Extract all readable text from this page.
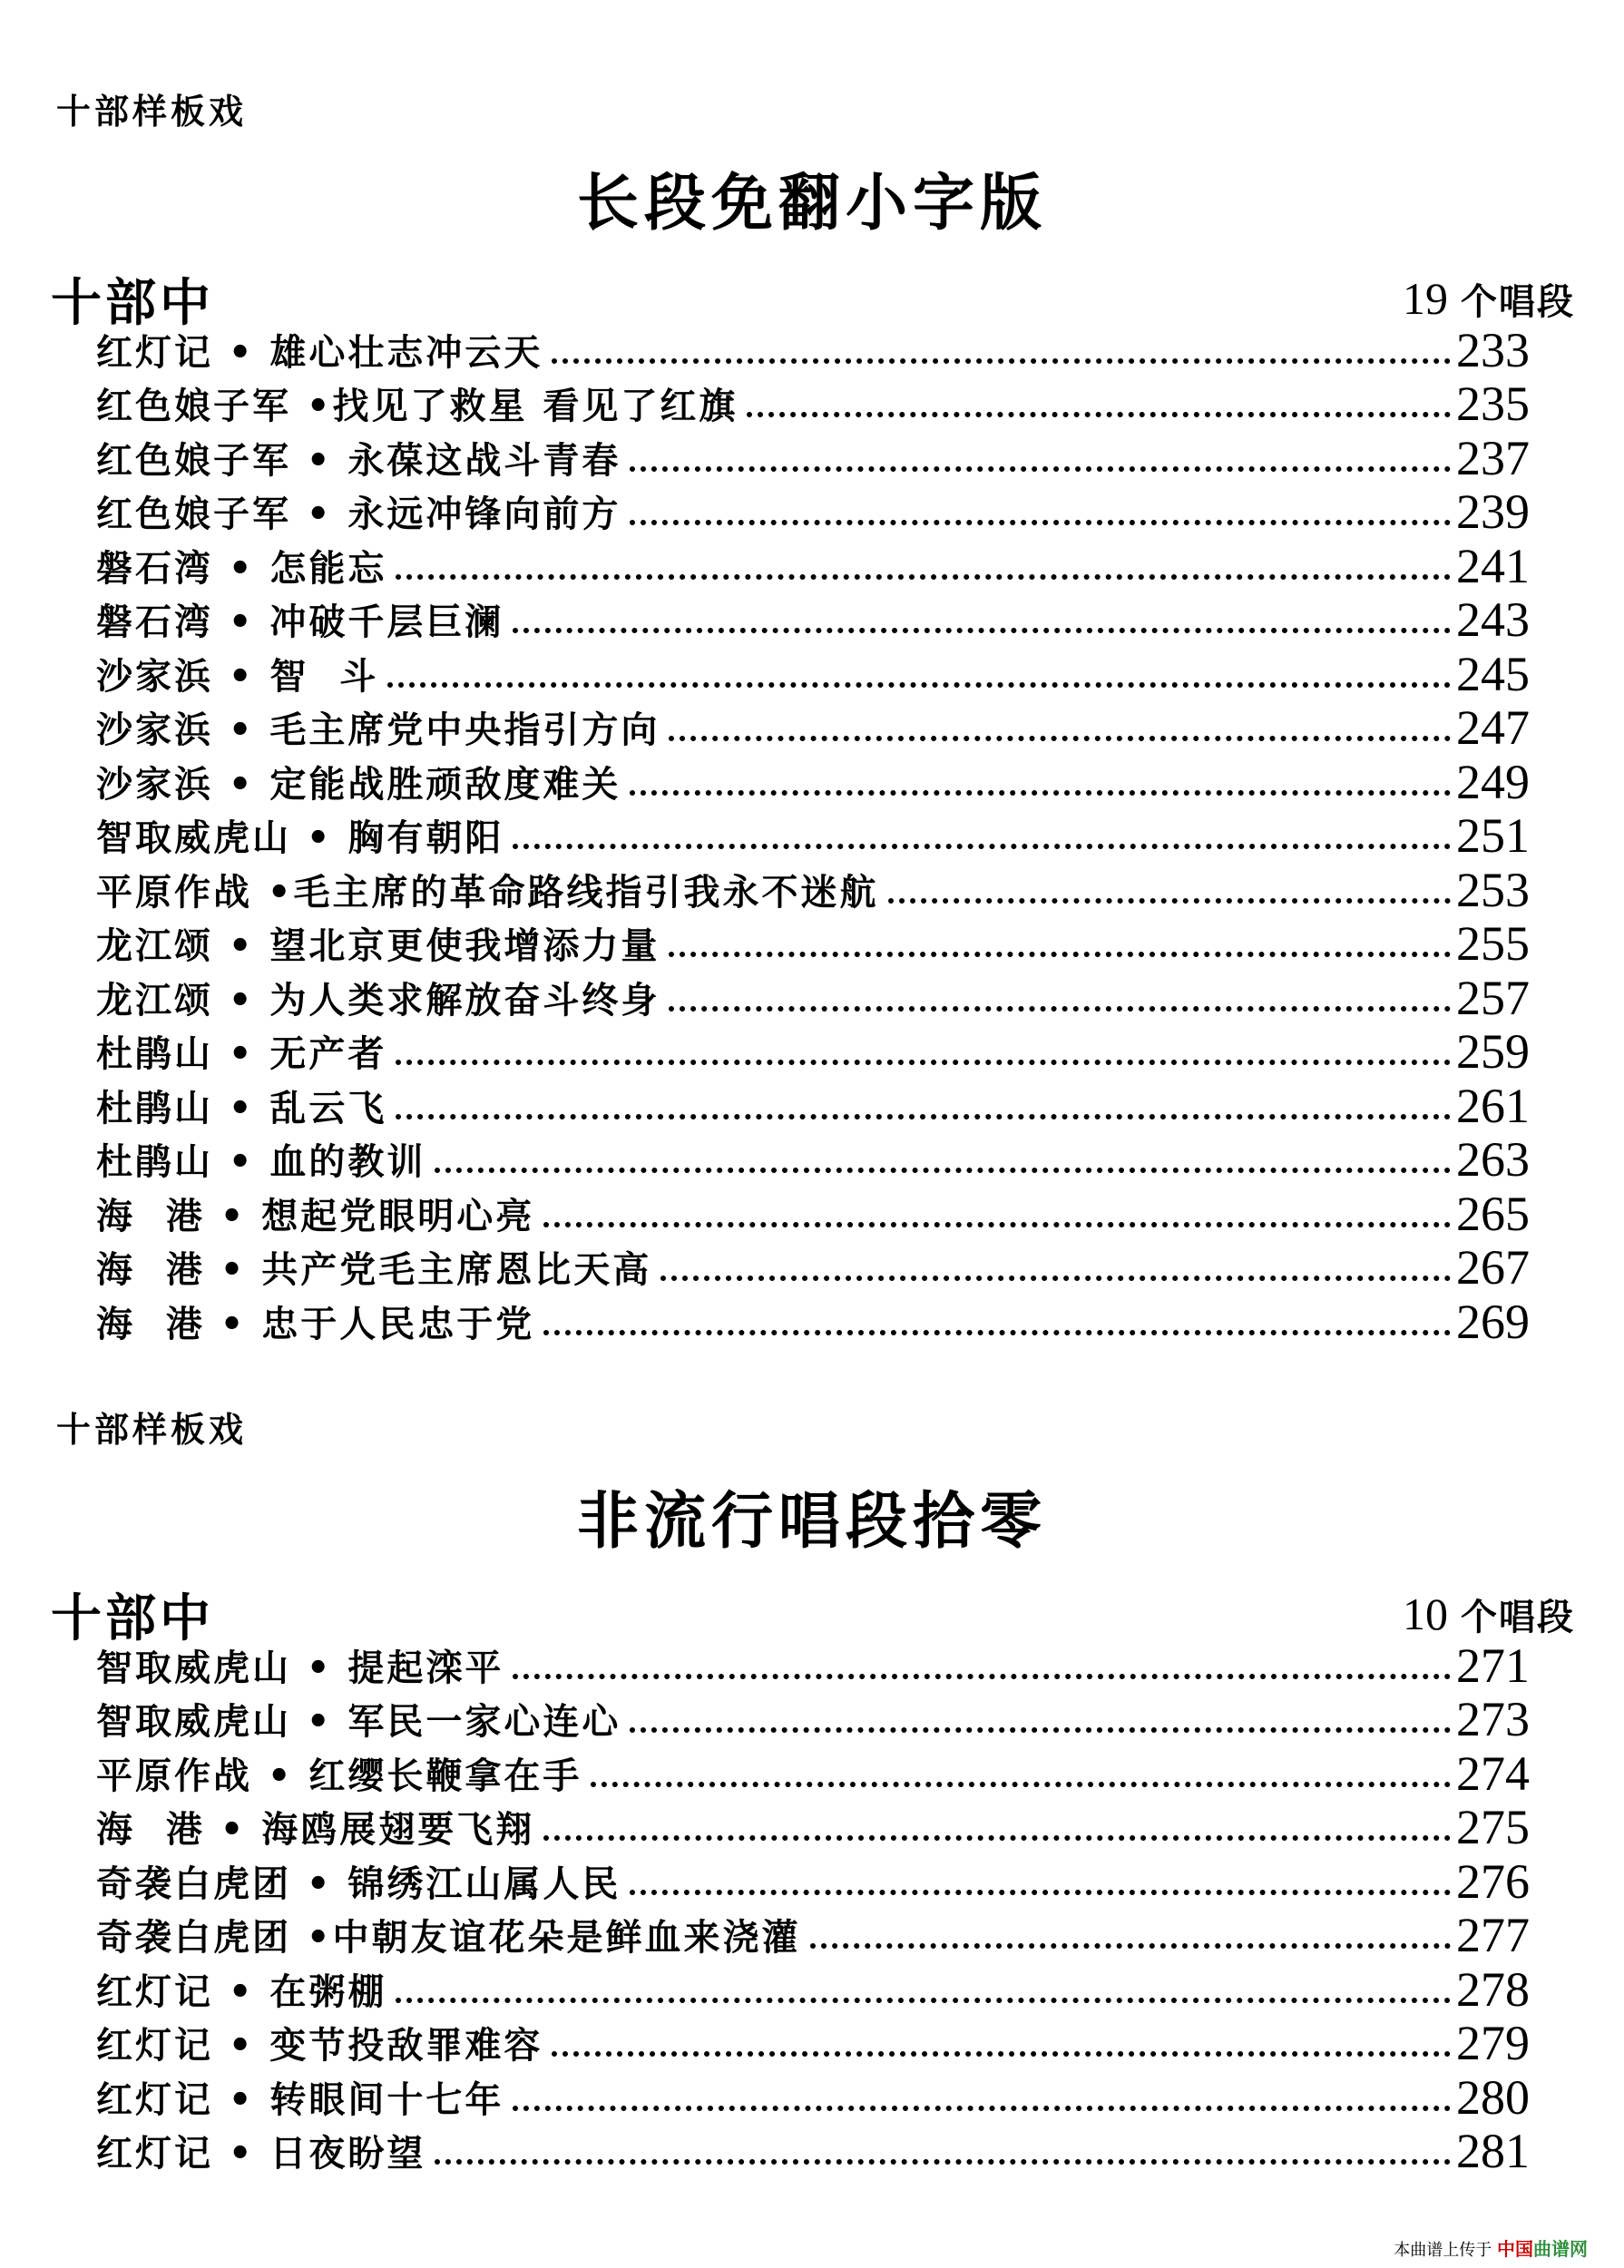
十部样板戏
长段免翻小字版
十部中	19 个唱段
红灯记 • 雄心壮志冲云天	233
红色娘子军 •找见了救星 看见了红旗	235
红色娘子军 • 永葆这战斗青春	237
红色娘子军 • 永远冲锋向前方	239
磐石湾 • 怎能忘	241
磐石湾 • 冲破千层巨澜	243
沙家浜 • 智  斗	245
沙家浜 • 毛主席党中央指引方向	247
沙家浜 • 定能战胜顽敌度难关	249
智取威虎山 • 胸有朝阳	251
平原作战 •毛主席的革命路线指引我永不迷航	253
龙江颂 • 望北京更使我增添力量	255
龙江颂 • 为人类求解放奋斗终身	257
杜鹃山 • 无产者	259
杜鹃山 • 乱云飞	261
杜鹃山 • 血的教训	263
海  港 • 想起党眼明心亮	265
海  港 • 共产党毛主席恩比天高	267
海  港 • 忠于人民忠于党	269
十部样板戏
非流行唱段拾零
十部中	10 个唱段
智取威虎山 • 提起滦平	271
智取威虎山 • 军民一家心连心	273
平原作战 • 红缨长鞭拿在手	274
海  港 • 海鸥展翅要飞翔	275
奇袭白虎团 • 锦绣江山属人民	276
奇袭白虎团 •中朝友谊花朵是鲜血来浇灌	277
红灯记 • 在粥棚	278
红灯记 • 变节投敌罪难容	279
红灯记 • 转眼间十七年	280
红灯记 • 日夜盼望	281
本曲谱上传于 中国曲谱网
